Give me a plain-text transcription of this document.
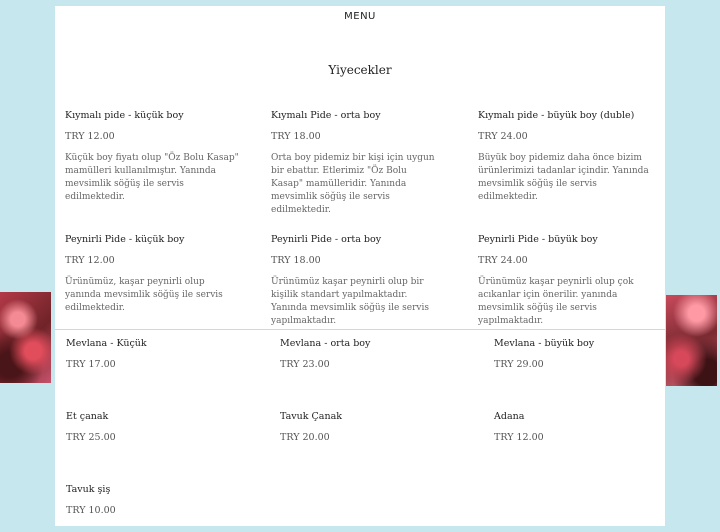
MENU
Yiyecekler
Kıymalı pide - küçük boy
TRY 12.00
Küçük boy fiyatı olup "Öz Bolu Kasap" mamülleri kullanılmıştır. Yanında mevsimlik söğüş ile servis edilmektedir.
Kıymalı Pide - orta boy
TRY 18.00
Orta boy pidemiz bir kişi için uygun bir ebattır. Etlerimiz "Öz Bolu Kasap" mamülleridir. Yanında mevsimlik söğüş ile servis edilmektedir.
Kıymalı pide - büyük boy (duble)
TRY 24.00
Büyük boy pidemiz daha önce bizim ürünlerimizi tadanlar içindir. Yanında mevsimlik söğüş ile servis edilmektedir.
Peynirli Pide - küçük boy
TRY 12.00
Ürünümüz, kaşar peynirli olup yanında mevsimlik söğüş ile servis edilmektedir.
Peynirli Pide - orta boy
TRY 18.00
Ürünümüz kaşar peynirli olup bir kişilik standart yapılmaktadır. Yanında mevsimlik söğüş ile servis yapılmaktadır.
Peynirli Pide - büyük boy
TRY 24.00
Ürünümüz kaşar peynirli olup çok acıkanlar için önerilir. yanında mevsimlik söğüş ile servis yapılmaktadır.
Mevlana - Küçük
TRY 17.00
Mevlana - orta boy
TRY 23.00
Mevlana - büyük boy
TRY 29.00
Et çanak
TRY 25.00
Tavuk Çanak
TRY 20.00
Adana
TRY 12.00
Tavuk şiş
TRY 10.00
